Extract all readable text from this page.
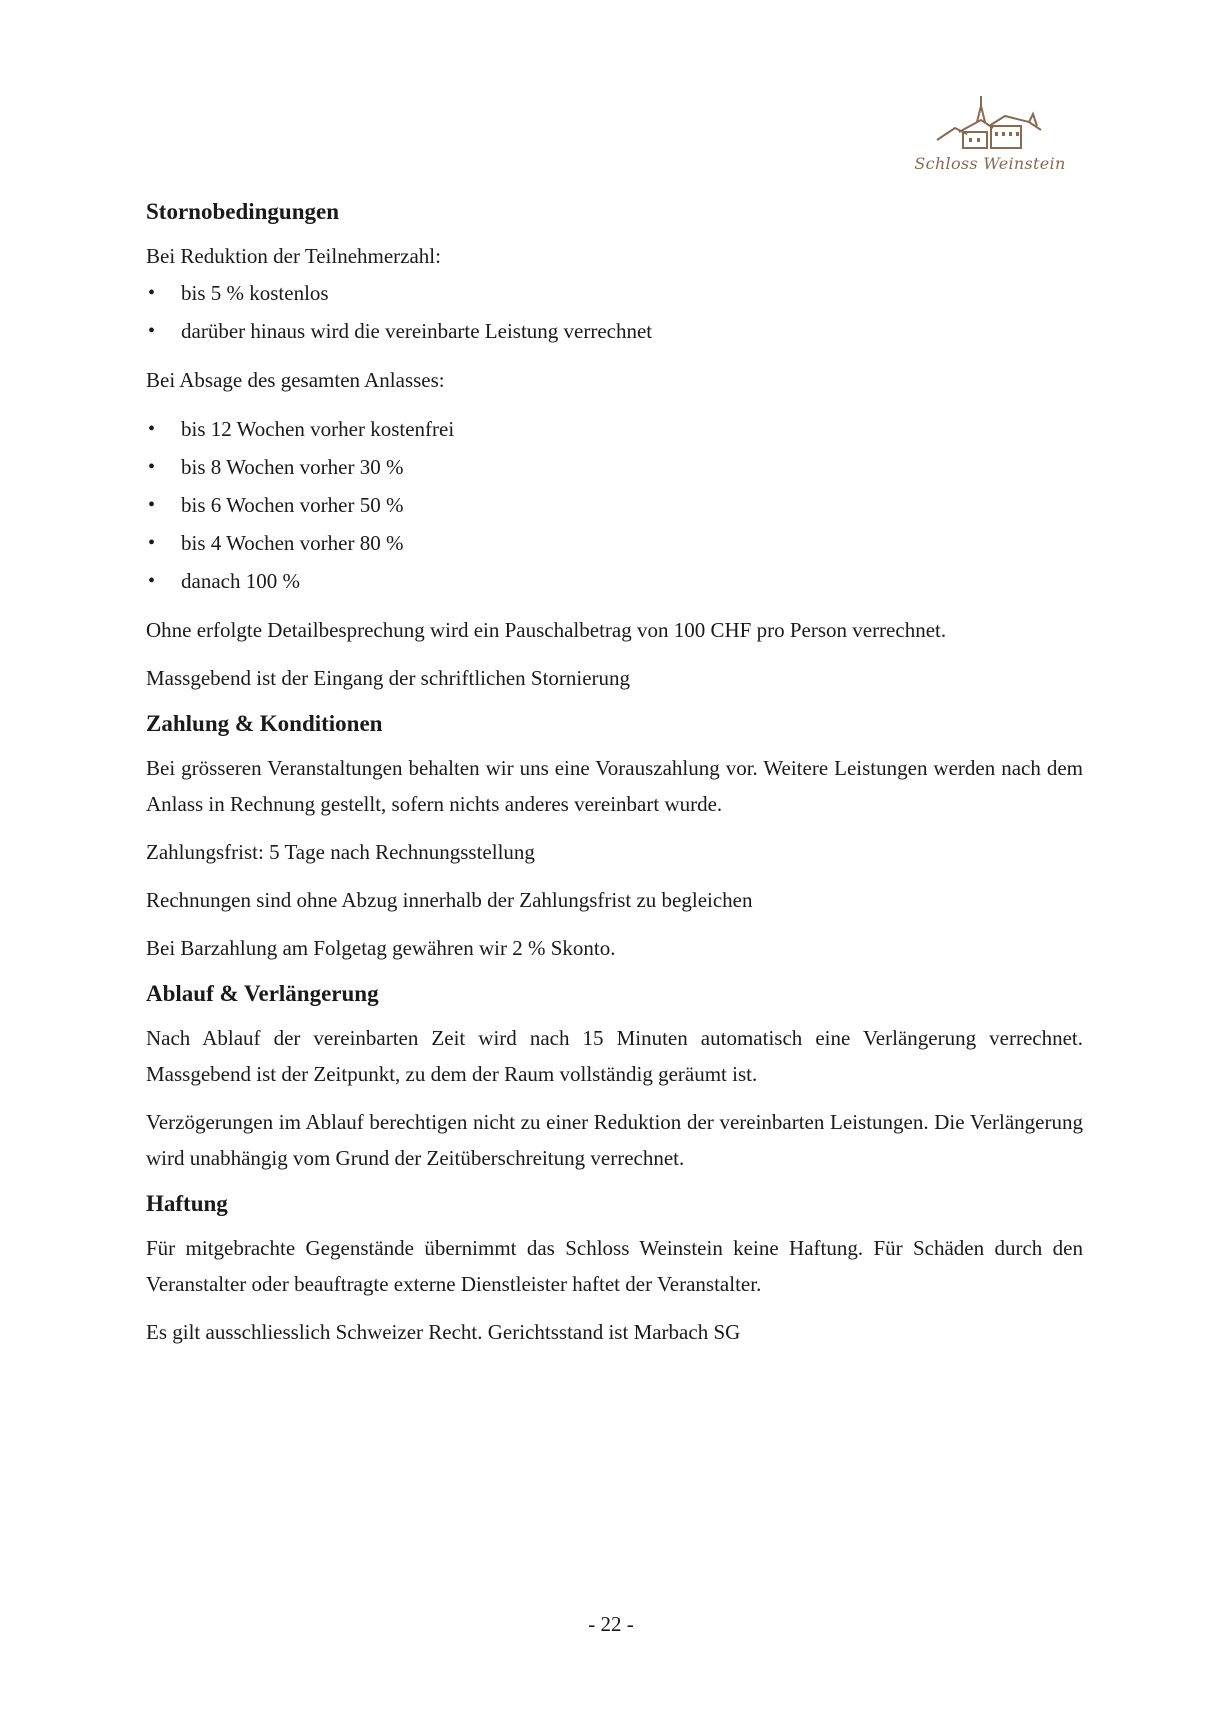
Schloss Weinstein
Stornobedingungen

Bei Reduktion der Teilnehmerzahl:

• bis 5 % kostenlos
• darüber hinaus wird die vereinbarte Leistung verrechnet

Bei Absage des gesamten Anlasses:

• bis 12 Wochen vorher kostenfrei
• bis 8 Wochen vorher 30 %
• bis 6 Wochen vorher 50 %
• bis 4 Wochen vorher 80 %
• danach 100 %

Ohne erfolgte Detailbesprechung wird ein Pauschalbetrag von 100 CHF pro Person verrechnet.

Massgebend ist der Eingang der schriftlichen Stornierung

Zahlung & Konditionen

Bei grösseren Veranstaltungen behalten wir uns eine Vorauszahlung vor. Weitere Leistungen werden nach dem Anlass in Rechnung gestellt, sofern nichts anderes vereinbart wurde.

Zahlungsfrist: 5 Tage nach Rechnungsstellung

Rechnungen sind ohne Abzug innerhalb der Zahlungsfrist zu begleichen

Bei Barzahlung am Folgetag gewähren wir 2 % Skonto.

Ablauf & Verlängerung

Nach Ablauf der vereinbarten Zeit wird nach 15 Minuten automatisch eine Verlängerung verrechnet. Massgebend ist der Zeitpunkt, zu dem der Raum vollständig geräumt ist.

Verzögerungen im Ablauf berechtigen nicht zu einer Reduktion der vereinbarten Leistungen. Die Verlängerung wird unabhängig vom Grund der Zeitüberschreitung verrechnet.

Haftung

Für mitgebrachte Gegenstände übernimmt das Schloss Weinstein keine Haftung. Für Schäden durch den Veranstalter oder beauftragte externe Dienstleister haftet der Veranstalter.

Es gilt ausschliesslich Schweizer Recht. Gerichtsstand ist Marbach SG

- 22 -
